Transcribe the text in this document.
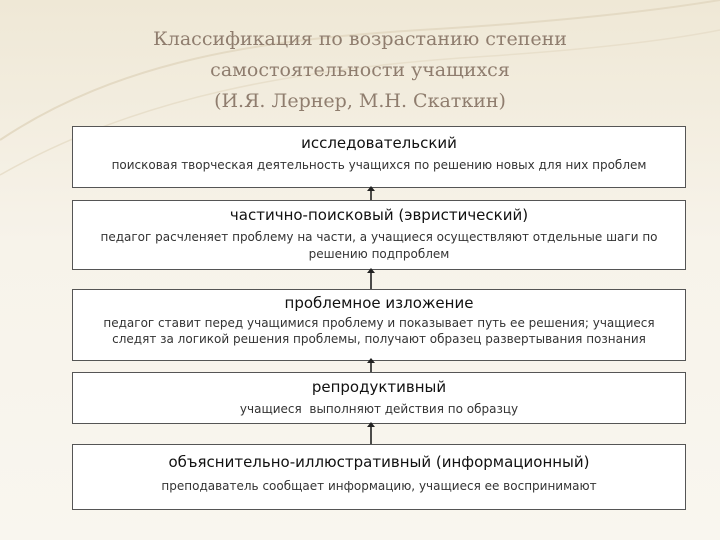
Классификация по возрастанию степени
самостоятельности учащихся
(И.Я. Лернер, М.Н. Скаткин)
исследовательский
поисковая творческая деятельность учащихся по решению новых для них проблем
частично-поисковый (эвристический)
педагог расчленяет проблему на части, а учащиеся осуществляют отдельные шаги по решению подпроблем
проблемное изложение
педагог ставит перед учащимися проблему и показывает путь ее решения; учащиеся следят за логикой решения проблемы, получают образец развертывания познания
репродуктивный
учащиеся  выполняют действия по образцу
объяснительно-иллюстративный (информационный)
преподаватель сообщает информацию, учащиеся ее воспринимают
